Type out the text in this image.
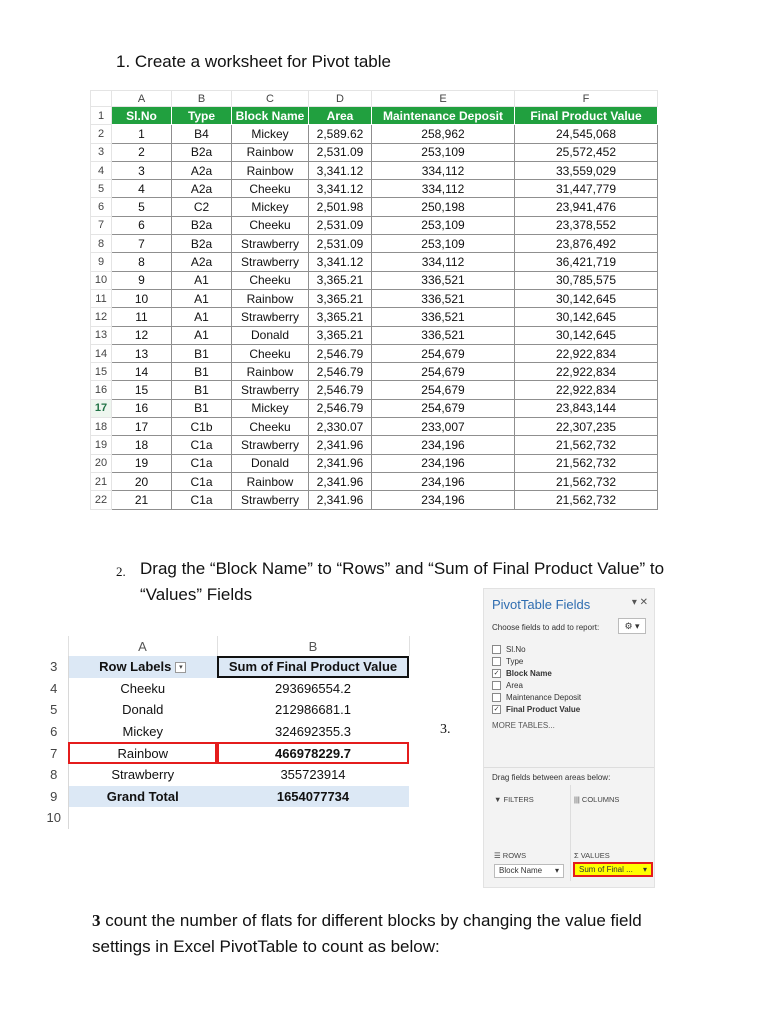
1. Create a worksheet for Pivot table
	A	B	C	D	E	F
1	Sl.No	Type	Block Name	Area	Maintenance Deposit	Final Product Value
2	1	B4	Mickey	2,589.62	258,962	24,545,068
3	2	B2a	Rainbow	2,531.09	253,109	25,572,452
4	3	A2a	Rainbow	3,341.12	334,112	33,559,029
5	4	A2a	Cheeku	3,341.12	334,112	31,447,779
6	5	C2	Mickey	2,501.98	250,198	23,941,476
7	6	B2a	Cheeku	2,531.09	253,109	23,378,552
8	7	B2a	Strawberry	2,531.09	253,109	23,876,492
9	8	A2a	Strawberry	3,341.12	334,112	36,421,719
10	9	A1	Cheeku	3,365.21	336,521	30,785,575
11	10	A1	Rainbow	3,365.21	336,521	30,142,645
12	11	A1	Strawberry	3,365.21	336,521	30,142,645
13	12	A1	Donald	3,365.21	336,521	30,142,645
14	13	B1	Cheeku	2,546.79	254,679	22,922,834
15	14	B1	Rainbow	2,546.79	254,679	22,922,834
16	15	B1	Strawberry	2,546.79	254,679	22,922,834
17	16	B1	Mickey	2,546.79	254,679	23,843,144
18	17	C1b	Cheeku	2,330.07	233,007	22,307,235
19	18	C1a	Strawberry	2,341.96	234,196	21,562,732
20	19	C1a	Donald	2,341.96	234,196	21,562,732
21	20	C1a	Rainbow	2,341.96	234,196	21,562,732
22	21	C1a	Strawberry	2,341.96	234,196	21,562,732
2. Drag the “Block Name” to “Rows” and “Sum of Final Product Value” to “Values” Fields
	A	B
3	Row Labels ▾	Sum of Final Product Value
4	Cheeku	293696554.2
5	Donald	212986681.1
6	Mickey	324692355.3
7	Rainbow	466978229.7
8	Strawberry	355723914
9	Grand Total	1654077734
10		
3.
PivotTable Fields	▾ ✕
Choose fields to add to report:	⚙ ▾
Sl.No
Type
✓ Block Name
Area
Maintenance Deposit
✓ Final Product Value
MORE TABLES...
Drag fields between areas below:
▼ FILTERS	||| COLUMNS
☰ ROWS	Σ VALUES
Block Name ▾	Sum of Final ... ▾
3 count the number of flats for different blocks by changing the value field settings in Excel PivotTable to count as below:
